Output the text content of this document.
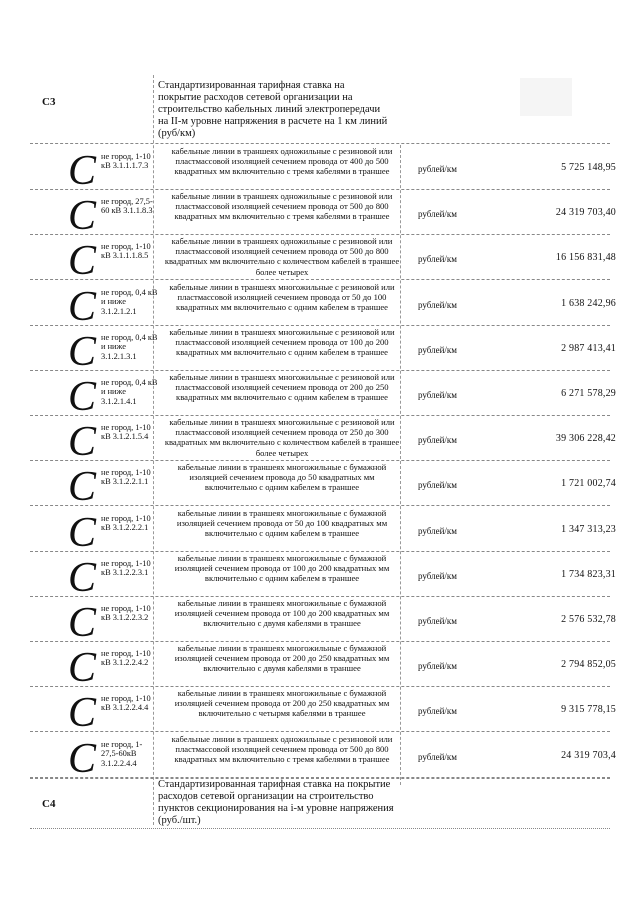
С3
Стандартизированная тарифная ставка на покрытие расходов сетевой организации на строительство кабельных линий электропередачи на II-м уровне напряжения в расчете на 1 км линий (руб/км)
С не город, 1-10 кВ 3.1.1.1.7.3
кабельные линии в траншеях одножильные с резиновой или пластмассовой изоляцией сечением провода от 400 до 500 квадратных мм включительно с тремя кабелями в траншее	рублей/км	5 725 148,95
С не город, 27,5-60 кВ 3.1.1.8.3
кабельные линии в траншеях одножильные с резиновой или пластмассовой изоляцией сечением провода от 500 до 800 квадратных мм включительно с тремя кабелями в траншее	рублей/км	24 319 703,40
С не город, 1-10 кВ 3.1.1.1.8.5
кабельные линии в траншеях одножильные с резиновой или пластмассовой изоляцией сечением провода от 500 до 800 квадратных мм включительно с количеством кабелей в траншее более четырех
рублей/км	16 156 831,48
С не город, 0,4 кВ и ниже 3.1.2.1.2.1
кабельные линии в траншеях многожильные с резиновой или пластмассовой изоляцией сечением провода от 50 до 100 квадратных мм включительно с одним кабелем в траншее	рублей/км	1 638 242,96
С не город, 0,4 кВ и ниже 3.1.2.1.3.1
кабельные линии в траншеях многожильные с резиновой или пластмассовой изоляцией сечением провода от 100 до 200 квадратных мм включительно с одним кабелем в траншее	рублей/км	2 987 413,41
С не город, 0,4 кВ и ниже 3.1.2.1.4.1
кабельные линии в траншеях многожильные с резиновой или пластмассовой изоляцией сечением провода от 200 до 250 квадратных мм включительно с одним кабелем в траншее	рублей/км	6 271 578,29
С не город, 1-10 кВ 3.1.2.1.5.4
кабельные линии в траншеях многожильные с резиновой или пластмассовой изоляцией сечением провода от 250 до 300 квадратных мм включительно с количеством кабелей в траншее более четырех
рублей/км	39 306 228,42
С не город, 1-10 кВ 3.1.2.2.1.1
кабельные линии в траншеях многожильные с бумажной изоляцией сечением провода до 50 квадратных мм включительно с одним кабелем в траншее	рублей/км	1 721 002,74
С не город, 1-10 кВ 3.1.2.2.2.1
кабельные линии в траншеях многожильные с бумажной изоляцией сечением провода от 50 до 100 квадратных мм включительно с одним кабелем в траншее	рублей/км	1 347 313,23
С не город, 1-10 кВ 3.1.2.2.3.1
кабельные линии в траншеях многожильные с бумажной изоляцией сечением провода от 100 до 200 квадратных мм включительно с одним кабелем в траншее	рублей/км	1 734 823,31
С не город, 1-10 кВ 3.1.2.2.3.2
кабельные линии в траншеях многожильные с бумажной изоляцией сечением провода от 100 до 200 квадратных мм включительно с двумя кабелями в траншее	рублей/км	2 576 532,78
С не город, 1-10 кВ 3.1.2.2.4.2
кабельные линии в траншеях многожильные с бумажной изоляцией сечением провода от 200 до 250 квадратных мм включительно с двумя кабелями в траншее	рублей/км	2 794 852,05
С не город, 1-10 кВ 3.1.2.2.4.4
кабельные линии в траншеях многожильные с бумажной изоляцией сечением провода от 200 до 250 квадратных мм включительно с четырмя кабелями в траншее	рублей/км	9 315 778,15
С не город, 1-27,5-60кВ 3.1.2.2.4.4
кабельные линии в траншеях одножильные с резиновой или пластмассовой изоляцией сечением провода от 500 до 800 квадратных мм включительно с тремя кабелями в траншее	рублей/км	24 319 703,4
С4
Стандартизированная тарифная ставка на покрытие расходов сетевой организации на строительство пунктов секционирования на i-м уровне напряжения (руб./шт.)
